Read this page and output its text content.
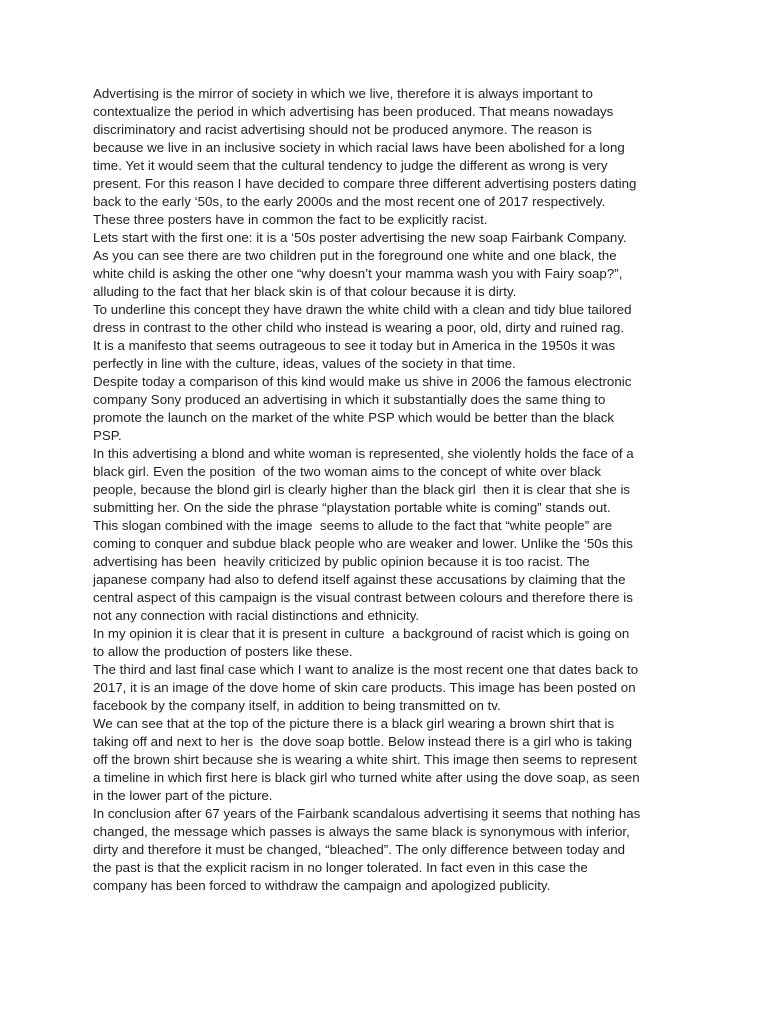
Advertising is the mirror of society in which we live, therefore it is always important to
contextualize the period in which advertising has been produced. That means nowadays
discriminatory and racist advertising should not be produced anymore. The reason is
because we live in an inclusive society in which racial laws have been abolished for a long
time. Yet it would seem that the cultural tendency to judge the different as wrong is very
present. For this reason I have decided to compare three different advertising posters dating
back to the early ‘50s, to the early 2000s and the most recent one of 2017 respectively.
These three posters have in common the fact to be explicitly racist.
Lets start with the first one: it is a ‘50s poster advertising the new soap Fairbank Company.
As you can see there are two children put in the foreground one white and one black, the
white child is asking the other one “why doesn’t your mamma wash you with Fairy soap?”,
alluding to the fact that her black skin is of that colour because it is dirty.
To underline this concept they have drawn the white child with a clean and tidy blue tailored
dress in contrast to the other child who instead is wearing a poor, old, dirty and ruined rag.
It is a manifesto that seems outrageous to see it today but in America in the 1950s it was
perfectly in line with the culture, ideas, values of the society in that time.
Despite today a comparison of this kind would make us shive in 2006 the famous electronic
company Sony produced an advertising in which it substantially does the same thing to
promote the launch on the market of the white PSP which would be better than the black
PSP.
In this advertising a blond and white woman is represented, she violently holds the face of a
black girl. Even the position  of the two woman aims to the concept of white over black
people, because the blond girl is clearly higher than the black girl  then it is clear that she is
submitting her. On the side the phrase “playstation portable white is coming” stands out.
This slogan combined with the image  seems to allude to the fact that “white people” are
coming to conquer and subdue black people who are weaker and lower. Unlike the ‘50s this
advertising has been  heavily criticized by public opinion because it is too racist. The
japanese company had also to defend itself against these accusations by claiming that the
central aspect of this campaign is the visual contrast between colours and therefore there is
not any connection with racial distinctions and ethnicity.
In my opinion it is clear that it is present in culture  a background of racist which is going on
to allow the production of posters like these.
The third and last final case which I want to analize is the most recent one that dates back to
2017, it is an image of the dove home of skin care products. This image has been posted on
facebook by the company itself, in addition to being transmitted on tv.
We can see that at the top of the picture there is a black girl wearing a brown shirt that is
taking off and next to her is  the dove soap bottle. Below instead there is a girl who is taking
off the brown shirt because she is wearing a white shirt. This image then seems to represent
a timeline in which first here is black girl who turned white after using the dove soap, as seen
in the lower part of the picture.
In conclusion after 67 years of the Fairbank scandalous advertising it seems that nothing has
changed, the message which passes is always the same black is synonymous with inferior,
dirty and therefore it must be changed, “bleached”. The only difference between today and
the past is that the explicit racism in no longer tolerated. In fact even in this case the
company has been forced to withdraw the campaign and apologized publicity.
